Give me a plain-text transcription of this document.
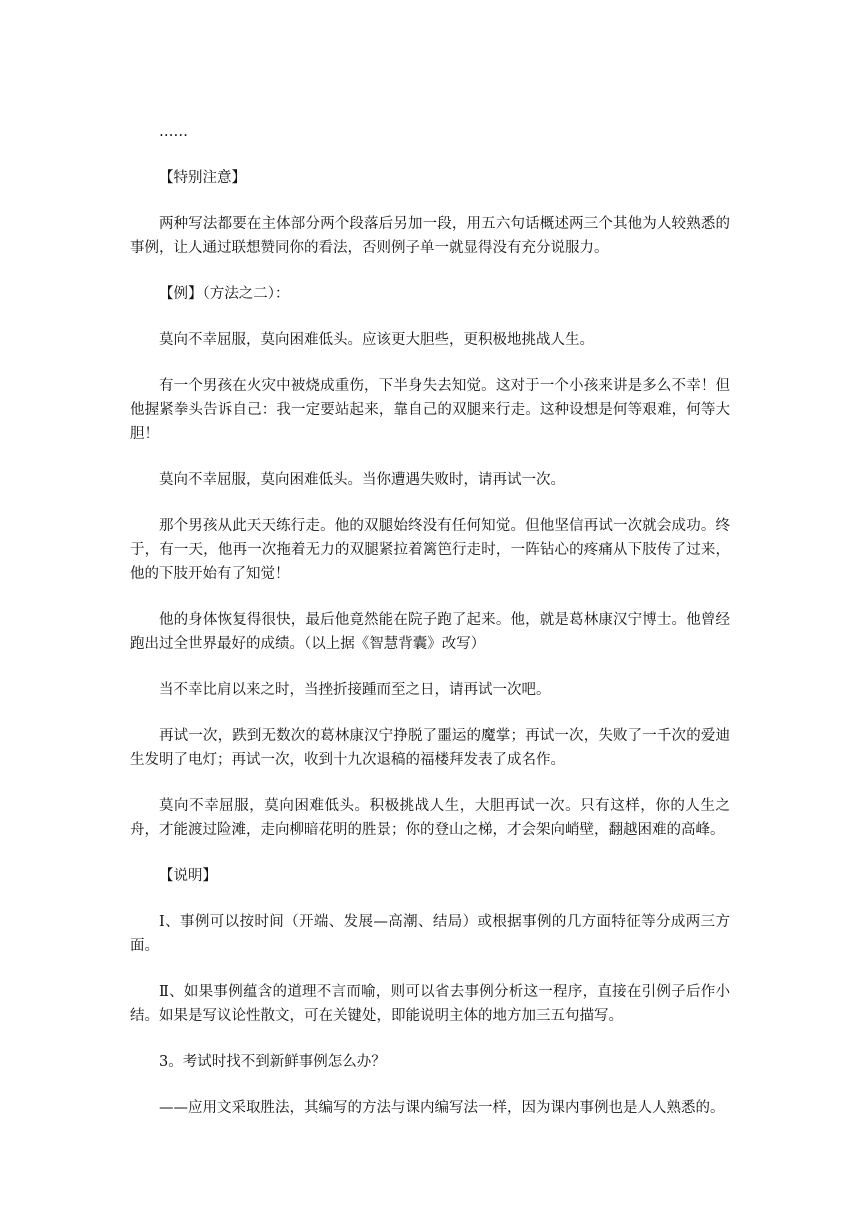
……

【特别注意】

两种写法都要在主体部分两个段落后另加一段，用五六句话概述两三个其他为人较熟悉的事例，让人通过联想赞同你的看法，否则例子单一就显得没有充分说服力。

【例】（方法之二）：

莫向不幸屈服，莫向困难低头。应该更大胆些，更积极地挑战人生。

有一个男孩在火灾中被烧成重伤，下半身失去知觉。这对于一个小孩来讲是多么不幸！但他握紧拳头告诉自己：我一定要站起来，靠自己的双腿来行走。这种设想是何等艰难，何等大胆！

莫向不幸屈服，莫向困难低头。当你遭遇失败时，请再试一次。

那个男孩从此天天练行走。他的双腿始终没有任何知觉。但他坚信再试一次就会成功。终于，有一天，他再一次拖着无力的双腿紧拉着篱笆行走时，一阵钻心的疼痛从下肢传了过来，他的下肢开始有了知觉！

他的身体恢复得很快，最后他竟然能在院子跑了起来。他，就是葛林康汉宁博士。他曾经跑出过全世界最好的成绩。（以上据《智慧背囊》改写）

当不幸比肩以来之时，当挫折接踵而至之日，请再试一次吧。

再试一次，跌到无数次的葛林康汉宁挣脱了噩运的魔掌；再试一次，失败了一千次的爱迪生发明了电灯；再试一次，收到十九次退稿的福楼拜发表了成名作。

莫向不幸屈服，莫向困难低头。积极挑战人生，大胆再试一次。只有这样，你的人生之舟，才能渡过险滩，走向柳暗花明的胜景；你的登山之梯，才会架向峭壁，翻越困难的高峰。

【说明】

Ⅰ、事例可以按时间（开端、发展—高潮、结局）或根据事例的几方面特征等分成两三方面。

Ⅱ、如果事例蕴含的道理不言而喻，则可以省去事例分析这一程序，直接在引例子后作小结。如果是写议论性散文，可在关键处，即能说明主体的地方加三五句描写。

3。考试时找不到新鲜事例怎么办？

——应用文采取胜法，其编写的方法与课内编写法一样，因为课内事例也是人人熟悉的。
